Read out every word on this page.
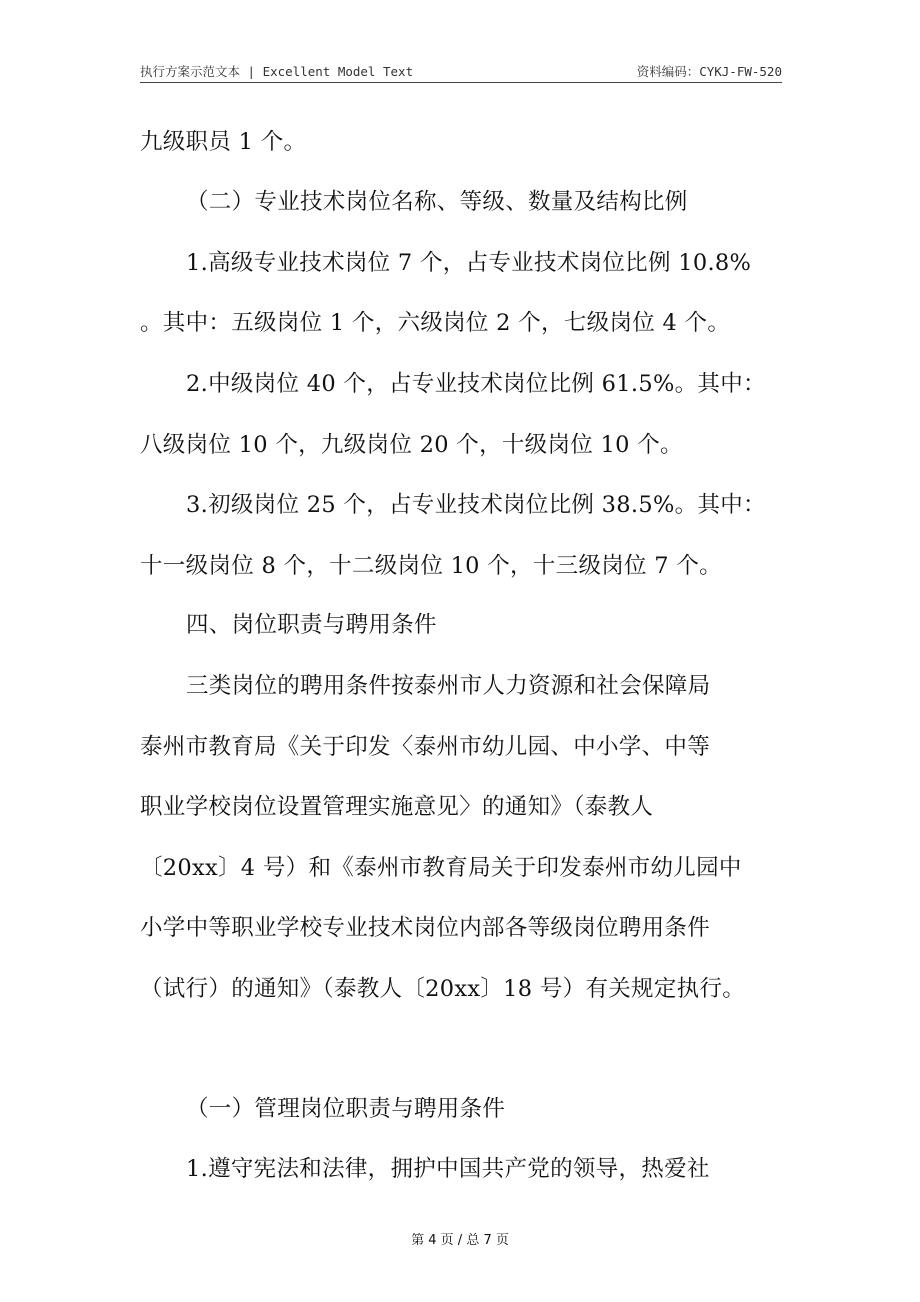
执行方案示范文本 | Excellent Model Text	资料编码：CYKJ-FW-520
九级职员 1 个。
（二）专业技术岗位名称、等级、数量及结构比例
1.高级专业技术岗位 7 个，占专业技术岗位比例 10.8%
。其中：五级岗位 1 个，六级岗位 2 个，七级岗位 4 个。
2.中级岗位 40 个，占专业技术岗位比例 61.5%。其中：
八级岗位 10 个，九级岗位 20 个，十级岗位 10 个。
3.初级岗位 25 个，占专业技术岗位比例 38.5%。其中：
十一级岗位 8 个，十二级岗位 10 个，十三级岗位 7 个。
四、岗位职责与聘用条件
三类岗位的聘用条件按泰州市人力资源和社会保障局
泰州市教育局《关于印发〈泰州市幼儿园、中小学、中等
职业学校岗位设置管理实施意见〉的通知》（泰教人
〔20xx〕4 号）和《泰州市教育局关于印发泰州市幼儿园中
小学中等职业学校专业技术岗位内部各等级岗位聘用条件
（试行）的通知》（泰教人〔20xx〕18 号）有关规定执行。
（一）管理岗位职责与聘用条件
1.遵守宪法和法律，拥护中国共产党的领导，热爱社
第 4 页 / 总 7 页
